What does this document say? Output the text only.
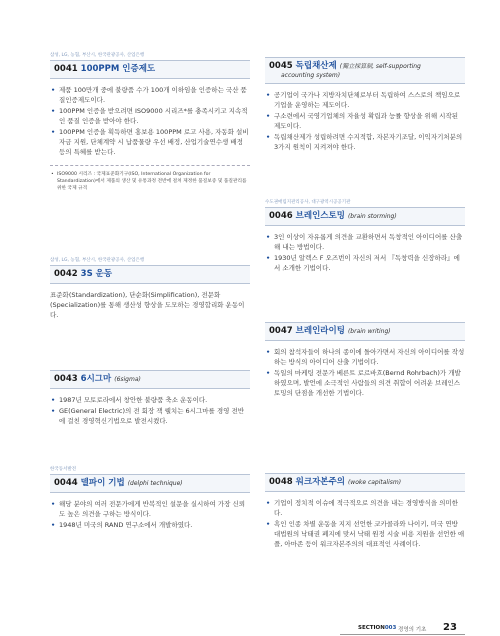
삼성, LG, 농협, 부산시, 한국관광공사, 산업은행
0041 100PPM 인증제도
• 제품 100만개 중에 불량품 수가 100개 이하임을 인증하는 국산 품질인증제도이다.
• 100PPM 인증을 받으려면 ISO9000 시리즈*를 충족시키고 지속적인 품질 인증을 받아야 한다.
• 100PPM 인증을 획득하면 홍보용 100PPM 로고 사용, 자동화 설비자금 지원, 단체계약 시 납품물량 우선 배정, 산업기술연수생 배정 등의 특혜를 받는다.
• ISO9000 시리즈 : 국제표준화기구(ISO, International Organization for Standardization)에서 제품의 생산 및 유통과정 전반에 걸쳐 제정한 품질보증 및 품질관리를 위한 국제 규격
삼성, LG, 농협, 부산시, 한국관광공사, 산업은행
0042 3S 운동

표준화(Standardization), 단순화(Simplification), 전문화(Specialization)를 통해 생산성 향상을 도모하는 경영합리화 운동이다.

0043 6시그마 (6sigma)
• 1987년 모토로라에서 창안한 불량품 축소 운동이다.
• GE(General Electric)의 전 회장 잭 웰치는 6시그마를 경영 전반에 걸친 경영혁신기법으로 발전시켰다.
한국동서발전
0044 델파이 기법 (delphi technique)
• 해당 분야의 여러 전문가에게 반복적인 설문을 실시하여 가장 신뢰도 높은 의견을 구하는 방식이다.
• 1948년 미국의 RAND 연구소에서 개발하였다.
0045 독립채산제 (獨立採算制, self-supporting
accounting system)
• 공기업이 국가나 지방자치단체로부터 독립하여 스스로의 책임으로 기업을 운영하는 제도이다.
• 구소련에서 국영기업체의 자율성 확립과 능률 향상을 위해 시작된 제도이다.
• 독립채산제가 성립하려면 수지적합, 자본자기조달, 이익자기처분의 3가지 원칙이 지켜져야 한다.
수도권매립지관리공사, 대구광역시공공기관
0046 브레인스토밍 (brain storming)
• 3인 이상이 자유롭게 의견을 교환하면서 독창적인 아이디어를 산출해 내는 방법이다.
• 1930년 알렉스 F 오즈번이 자신의 저서 『독창력을 신장하라』에서 소개한 기법이다.
0047 브레인라이팅 (brain writing)
• 회의 참석자들이 하나의 종이에 돌아가면서 자신의 아이디어를 작성하는 방식의 아이디어 산출 기법이다.
• 독일의 마케팅 전문가 베른트 로르바흐(Bernd Rohrbach)가 개발하였으며, 발언에 소극적인 사람들의 의견 취합이 어려운 브레인스토밍의 단점을 개선한 기법이다.
0048 워크자본주의 (woke capitalism)
• 기업이 정치적 이슈에 적극적으로 의견을 내는 경영방식을 의미한다.
• 흑인 인종 차별 운동을 지지 선언한 코카콜라와 나이키, 미국 연방 대법원의 낙태권 폐지에 맞서 낙태 원정 시술 비용 지원을 선언한 애플, 아마존 등이 워크자본주의의 대표적인 사례이다.
SECTION003 경영의 기초 23
